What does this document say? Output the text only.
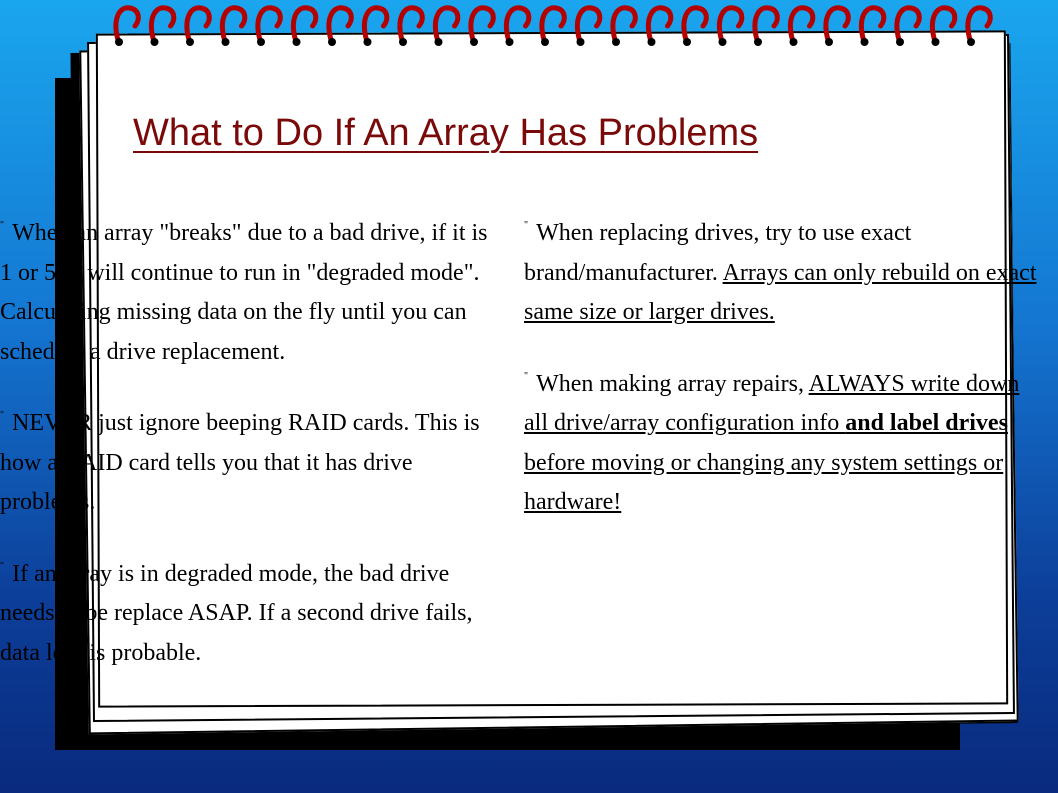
What to Do If An Array Has Problems

" When an array "breaks" due to a bad drive, if it is 1 or 5, it will continue to run in "degraded mode". Calculating missing data on the fly until you can schedule a drive replacement.

" NEVER just ignore beeping RAID cards. This is how a RAID card tells you that it has drive problems.

" If an array is in degraded mode, the bad drive needs to be replace ASAP. If a second drive fails, data loss is probable.

" When replacing drives, try to use exact brand/manufacturer. Arrays can only rebuild on exact same size or larger drives.

" When making array repairs, ALWAYS write down all drive/array configuration info and label drives before moving or changing any system settings or hardware!
